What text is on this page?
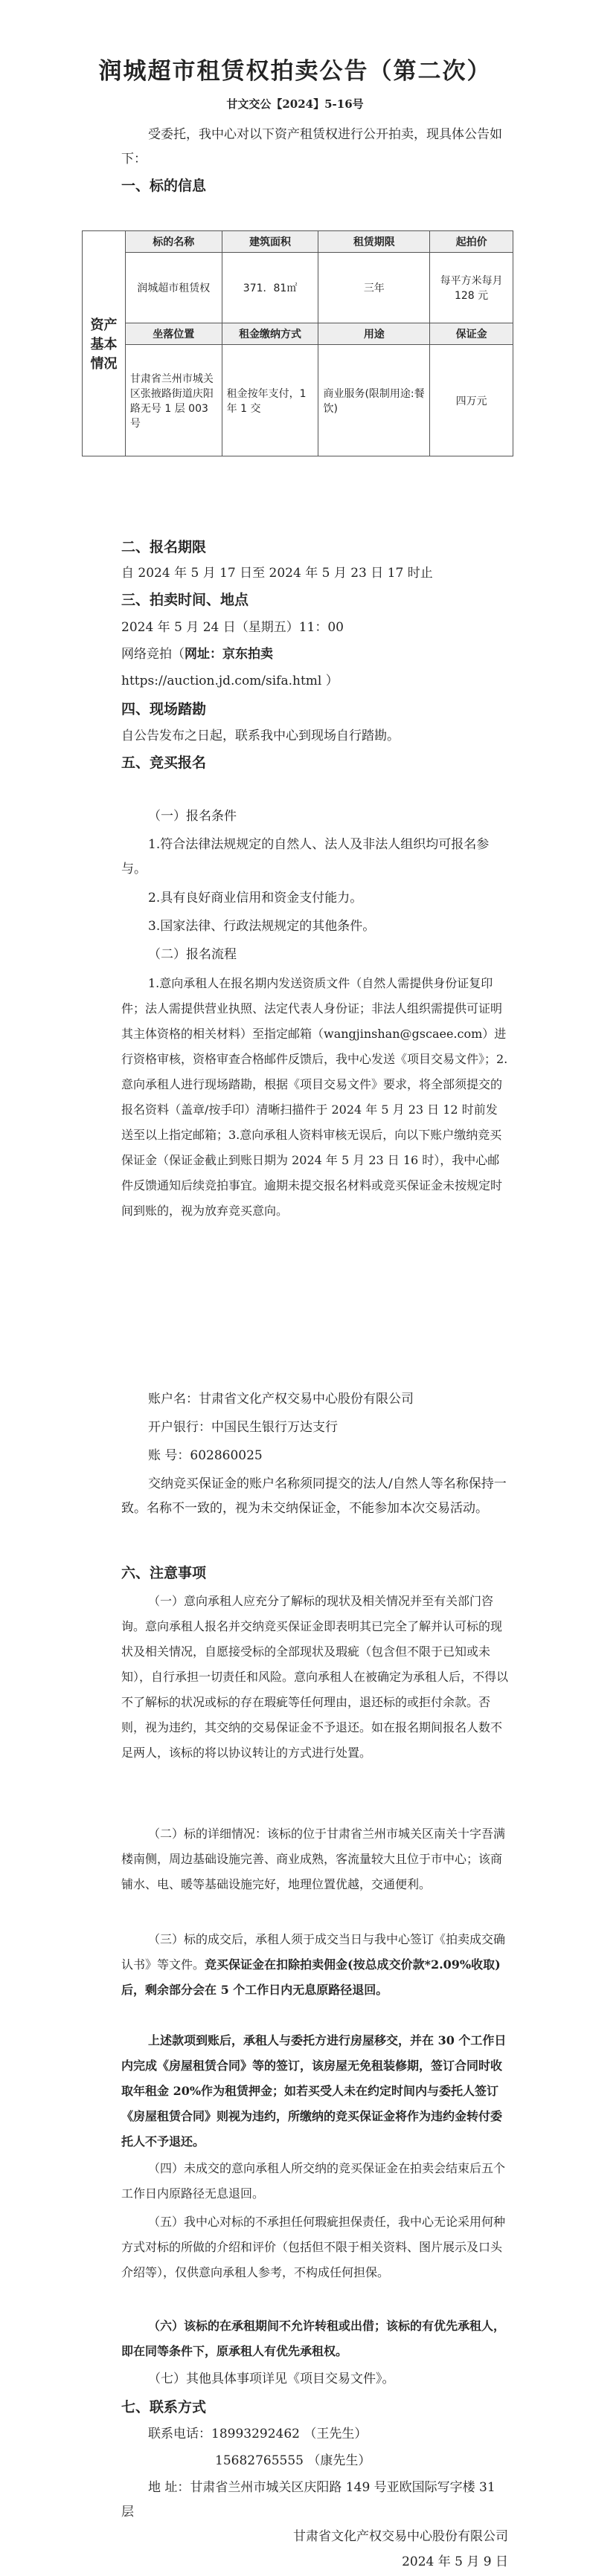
润城超市租赁权拍卖公告（第二次）
甘文交公【2024】5-16号
受委托，我中心对以下资产租赁权进行公开拍卖，现具体公告如下：
一、标的信息
资产基本情况	标的名称	建筑面积	租赁期限	起拍价
	润城超市租赁权	371．81㎡	三年	每平方米每月 128 元
	坐落位置	租金缴纳方式	用途	保证金
	甘肃省兰州市城关区张掖路街道庆阳路无号 1 层 003 号	租金按年支付，1 年 1 交	商业服务(限制用途:餐饮)	四万元
二、报名期限
自 2024 年 5 月 17 日至 2024 年 5 月 23 日 17 时止
三、拍卖时间、地点
2024 年 5 月 24 日（星期五）11：00
网络竞拍（网址：京东拍卖
https://auction.jd.com/sifa.html ）
四、现场踏勘
自公告发布之日起，联系我中心到现场自行踏勘。
五、竞买报名
（一）报名条件
1.符合法律法规规定的自然人、法人及非法人组织均可报名参与。
2.具有良好商业信用和资金支付能力。
3.国家法律、行政法规规定的其他条件。
（二）报名流程
1.意向承租人在报名期内发送资质文件（自然人需提供身份证复印件；法人需提供营业执照、法定代表人身份证；非法人组织需提供可证明其主体资格的相关材料）至指定邮箱（wangjinshan@gscaee.com）进行资格审核，资格审查合格邮件反馈后，我中心发送《项目交易文件》；2.意向承租人进行现场踏勘，根据《项目交易文件》要求，将全部须提交的报名资料（盖章/按手印）清晰扫描件于 2024 年 5 月 23 日 12 时前发送至以上指定邮箱；3.意向承租人资料审核无误后，向以下账户缴纳竞买保证金（保证金截止到账日期为 2024 年 5 月 23 日 16 时），我中心邮件反馈通知后续竞拍事宜。逾期未提交报名材料或竞买保证金未按规定时间到账的，视为放弃竞买意向。
账户名：甘肃省文化产权交易中心股份有限公司
开户银行：中国民生银行万达支行
账 号：602860025
交纳竞买保证金的账户名称须同提交的法人/自然人等名称保持一致。名称不一致的，视为未交纳保证金，不能参加本次交易活动。
六、注意事项
（一）意向承租人应充分了解标的现状及相关情况并至有关部门咨询。意向承租人报名并交纳竞买保证金即表明其已完全了解并认可标的现状及相关情况，自愿接受标的全部现状及瑕疵（包含但不限于已知或未知），自行承担一切责任和风险。意向承租人在被确定为承租人后，不得以不了解标的状况或标的存在瑕疵等任何理由，退还标的或拒付余款。否则，视为违约，其交纳的交易保证金不予退还。如在报名期间报名人数不足两人，该标的将以协议转让的方式进行处置。
（二）标的详细情况：该标的位于甘肃省兰州市城关区南关十字吾满楼南侧，周边基础设施完善、商业成熟，客流量较大且位于市中心；该商铺水、电、暖等基础设施完好，地理位置优越，交通便利。
（三）标的成交后，承租人须于成交当日与我中心签订《拍卖成交确认书》等文件。竞买保证金在扣除拍卖佣金(按总成交价款*2.09%收取)后，剩余部分会在 5 个工作日内无息原路径退回。
上述款项到账后，承租人与委托方进行房屋移交，并在 30 个工作日内完成《房屋租赁合同》等的签订，该房屋无免租装修期，签订合同时收取年租金 20%作为租赁押金；如若买受人未在约定时间内与委托人签订《房屋租赁合同》则视为违约，所缴纳的竞买保证金将作为违约金转付委托人不予退还。
（四）未成交的意向承租人所交纳的竞买保证金在拍卖会结束后五个工作日内原路径无息退回。
（五）我中心对标的不承担任何瑕疵担保责任，我中心无论采用何种方式对标的所做的介绍和评价（包括但不限于相关资料、图片展示及口头介绍等），仅供意向承租人参考，不构成任何担保。
（六）该标的在承租期间不允许转租或出借；该标的有优先承租人，即在同等条件下，原承租人有优先承租权。
（七）其他具体事项详见《项目交易文件》。
七、联系方式
联系电话：18993292462 （王先生）
15682765555 （康先生）
地 址：甘肃省兰州市城关区庆阳路 149 号亚欧国际写字楼 31 层
甘肃省文化产权交易中心股份有限公司
2024 年 5 月 9 日
